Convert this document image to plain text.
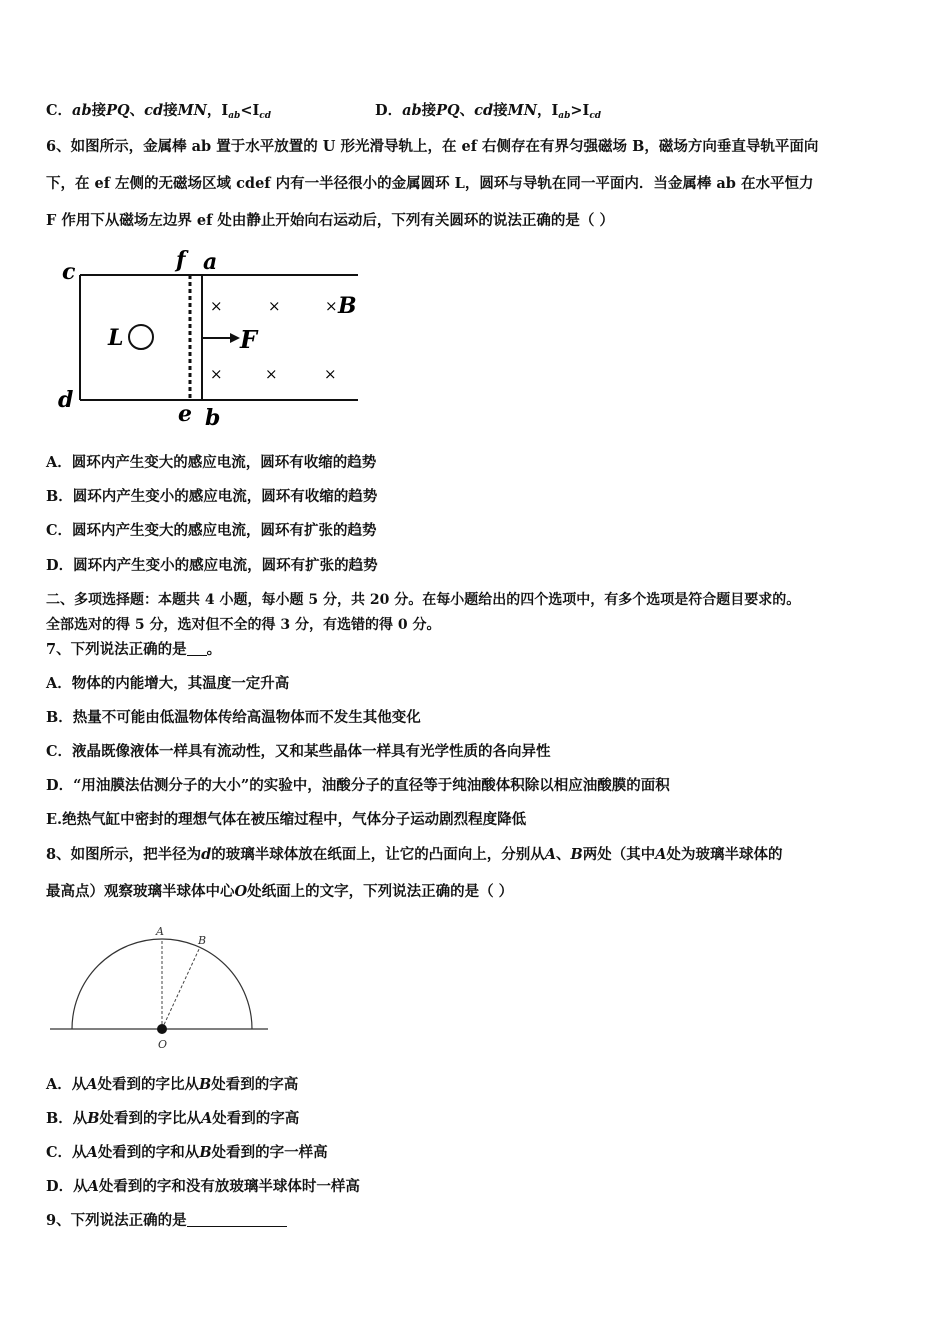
C．ab接PQ、cd接MN，$I_{ab}<I_{cd}$	D．ab接PQ、cd接MN，$I_{ab}>I_{cd}$
6、如图所示，金属棒 ab 置于水平放置的 U 形光滑导轨上，在 ef 右侧存在有界匀强磁场 B，磁场方向垂直导轨平面向
下，在 ef 左侧的无磁场区域 cdef 内有一半径很小的金属圆环 L，圆环与导轨在同一平面内．当金属棒 ab 在水平恒力
F 作用下从磁场左边界 ef 处由静止开始向右运动后，下列有关圆环的说法正确的是（ ）
L	F
×	×	×
×	×	×
B
c	f a
d
e b
A．圆环内产生变大的感应电流，圆环有收缩的趋势
B．圆环内产生变小的感应电流，圆环有收缩的趋势
C．圆环内产生变大的感应电流，圆环有扩张的趋势
D．圆环内产生变小的感应电流，圆环有扩张的趋势
二、多项选择题：本题共 4 小题，每小题 5 分，共 20 分。在每小题给出的四个选项中，有多个选项是符合题目要求的。
全部选对的得 5 分，选对但不全的得 3 分，有选错的得 0 分。
7、下列说法正确的是 。
A．物体的内能增大，其温度一定升高
B．热量不可能由低温物体传给高温物体而不发生其他变化
C．液晶既像液体一样具有流动性，又和某些晶体一样具有光学性质的各向异性
D．“用油膜法估测分子的大小”的实验中，油酸分子的直径等于纯油酸体积除以相应油酸膜的面积
E.绝热气缸中密封的理想气体在被压缩过程中，气体分子运动剧烈程度降低
8、如图所示，把半径为d的玻璃半球体放在纸面上，让它的凸面向上，分别从A、B两处（其中A处为玻璃半球体的
最高点）观察玻璃半球体中心O处纸面上的文字，下列说法正确的是（ ）
A
B
O
A．从A处看到的字比从B处看到的字高
B．从B处看到的字比从A处看到的字高
C．从A处看到的字和从B处看到的字一样高
D．从A处看到的字和没有放玻璃半球体时一样高
9、下列说法正确的是
